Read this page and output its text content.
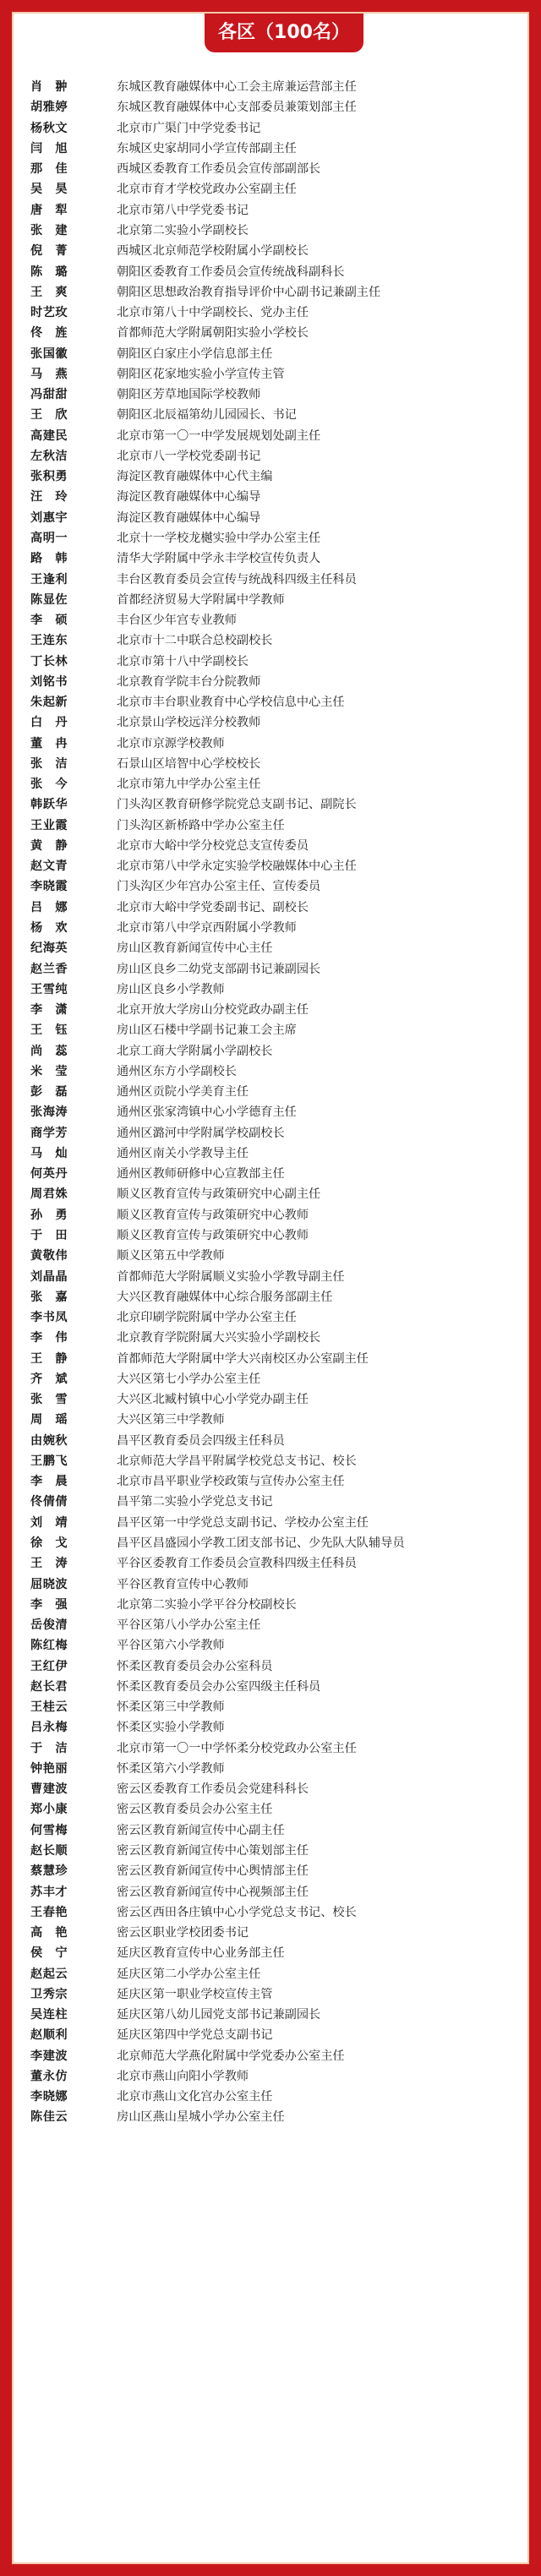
各区（100名）
肖　翀	东城区教育融媒体中心工会主席兼运营部主任
胡雅婷	东城区教育融媒体中心支部委员兼策划部主任
杨秋文	北京市广渠门中学党委书记
闫　旭	东城区史家胡同小学宣传部副主任
那　佳	西城区委教育工作委员会宣传部副部长
吴　昊	北京市育才学校党政办公室副主任
唐　犁	北京市第八中学党委书记
张　建	北京第二实验小学副校长
倪　菁	西城区北京师范学校附属小学副校长
陈　璐	朝阳区委教育工作委员会宣传统战科副科长
王　爽	朝阳区思想政治教育指导评价中心副书记兼副主任
时艺玫	北京市第八十中学副校长、党办主任
佟　旌	首都师范大学附属朝阳实验小学校长
张国徽	朝阳区白家庄小学信息部主任
马　燕	朝阳区花家地实验小学宣传主管
冯甜甜	朝阳区芳草地国际学校教师
王　欣	朝阳区北辰福第幼儿园园长、书记
高建民	北京市第一〇一中学发展规划处副主任
左秋洁	北京市八一学校党委副书记
张积勇	海淀区教育融媒体中心代主编
汪　玲	海淀区教育融媒体中心编导
刘惠宇	海淀区教育融媒体中心编导
高明一	北京十一学校龙樾实验中学办公室主任
路　韩	清华大学附属中学永丰学校宣传负责人
王逢利	丰台区教育委员会宣传与统战科四级主任科员
陈显佐	首都经济贸易大学附属中学教师
李　硕	丰台区少年宫专业教师
王连东	北京市十二中联合总校副校长
丁长林	北京市第十八中学副校长
刘铭书	北京教育学院丰台分院教师
朱起新	北京市丰台职业教育中心学校信息中心主任
白　丹	北京景山学校远洋分校教师
董　冉	北京市京源学校教师
张　洁	石景山区培智中心学校校长
张　今	北京市第九中学办公室主任
韩跃华	门头沟区教育研修学院党总支副书记、副院长
王业霞	门头沟区新桥路中学办公室主任
黄　静	北京市大峪中学分校党总支宣传委员
赵文青	北京市第八中学永定实验学校融媒体中心主任
李晓霞	门头沟区少年宫办公室主任、宣传委员
吕　娜	北京市大峪中学党委副书记、副校长
杨　欢	北京市第八中学京西附属小学教师
纪海英	房山区教育新闻宣传中心主任
赵兰香	房山区良乡二幼党支部副书记兼副园长
王雪纯	房山区良乡小学教师
李　潇	北京开放大学房山分校党政办副主任
王　钰	房山区石楼中学副书记兼工会主席
尚　蕊	北京工商大学附属小学副校长
米　莹	通州区东方小学副校长
彭　磊	通州区贡院小学美育主任
张海涛	通州区张家湾镇中心小学德育主任
商学芳	通州区潞河中学附属学校副校长
马　灿	通州区南关小学教导主任
何英丹	通州区教师研修中心宣教部主任
周君姝	顺义区教育宣传与政策研究中心副主任
孙　勇	顺义区教育宣传与政策研究中心教师
于　田	顺义区教育宣传与政策研究中心教师
黄敬伟	顺义区第五中学教师
刘晶晶	首都师范大学附属顺义实验小学教导副主任
张　嘉	大兴区教育融媒体中心综合服务部副主任
李书凤	北京印刷学院附属中学办公室主任
李　伟	北京教育学院附属大兴实验小学副校长
王　静	首都师范大学附属中学大兴南校区办公室副主任
齐　斌	大兴区第七小学办公室主任
张　雪	大兴区北臧村镇中心小学党办副主任
周　瑶	大兴区第三中学教师
由婉秋	昌平区教育委员会四级主任科员
王鹏飞	北京师范大学昌平附属学校党总支书记、校长
李　晨	北京市昌平职业学校政策与宣传办公室主任
佟倩倩	昌平第二实验小学党总支书记
刘　靖	昌平区第一中学党总支副书记、学校办公室主任
徐　戈	昌平区昌盛园小学教工团支部书记、少先队大队辅导员
王　涛	平谷区委教育工作委员会宣教科四级主任科员
屈晓波	平谷区教育宣传中心教师
李　强	北京第二实验小学平谷分校副校长
岳俊清	平谷区第八小学办公室主任
陈红梅	平谷区第六小学教师
王红伊	怀柔区教育委员会办公室科员
赵长君	怀柔区教育委员会办公室四级主任科员
王桂云	怀柔区第三中学教师
吕永梅	怀柔区实验小学教师
于　洁	北京市第一〇一中学怀柔分校党政办公室主任
钟艳丽	怀柔区第六小学教师
曹建波	密云区委教育工作委员会党建科科长
郑小康	密云区教育委员会办公室主任
何雪梅	密云区教育新闻宣传中心副主任
赵长顺	密云区教育新闻宣传中心策划部主任
蔡慧珍	密云区教育新闻宣传中心舆情部主任
苏丰才	密云区教育新闻宣传中心视频部主任
王春艳	密云区西田各庄镇中心小学党总支书记、校长
高　艳	密云区职业学校团委书记
侯　宁	延庆区教育宣传中心业务部主任
赵起云	延庆区第二小学办公室主任
卫秀宗	延庆区第一职业学校宣传主管
吴连柱	延庆区第八幼儿园党支部书记兼副园长
赵顺利	延庆区第四中学党总支副书记
李建波	北京师范大学燕化附属中学党委办公室主任
董永仿	北京市燕山向阳小学教师
李晓娜	北京市燕山文化宫办公室主任
陈佳云	房山区燕山星城小学办公室主任
